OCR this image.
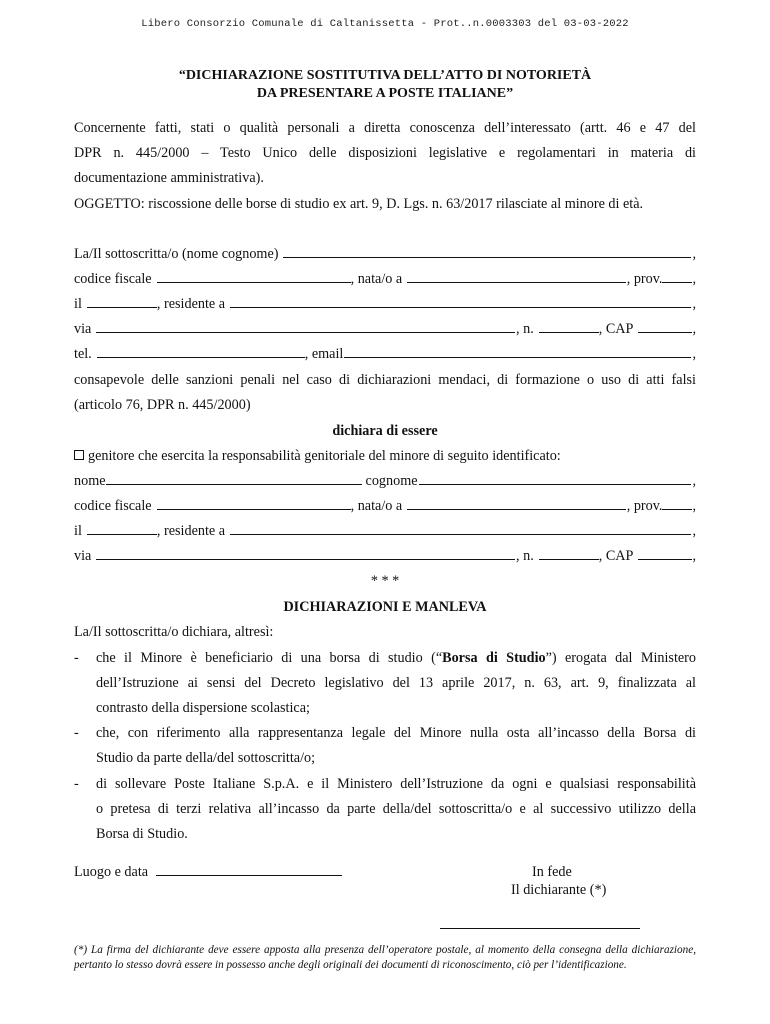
Libero Consorzio Comunale di Caltanissetta - Prot..n.0003303 del 03-03-2022
“DICHIARAZIONE SOSTITUTIVA DELL’ATTO DI NOTORIETÀ
DA PRESENTARE A POSTE ITALIANE”
Concernente fatti, stati o qualità personali a diretta conoscenza dell’interessato (artt. 46 e 47 del
DPR n. 445/2000 – Testo Unico delle disposizioni legislative e regolamentari in materia di
documentazione amministrativa).
OGGETTO: riscossione delle borse di studio ex art. 9, D. Lgs. n. 63/2017 rilasciate al minore di età.
La/Il sottoscritta/o (nome cognome)	,
codice fiscale	, nata/o a	, prov. ,
il	, residente a	,
via	, n.	, CAP	,
tel.	, email	,
consapevole delle sanzioni penali nel caso di dichiarazioni mendaci, di formazione o uso di atti falsi
(articolo 76, DPR n. 445/2000)
dichiara di essere
genitore che esercita la responsabilità genitoriale del minore di seguito identificato:
nome	cognome	,
codice fiscale	, nata/o a	, prov. ,
il	, residente a	,
via	, n.	, CAP	,
* * *
DICHIARAZIONI E MANLEVA
La/Il sottoscritta/o dichiara, altresì:
- che il Minore è beneficiario di una borsa di studio (“Borsa di Studio”) erogata dal Ministero
dell’Istruzione ai sensi del Decreto legislativo del 13 aprile 2017, n. 63, art. 9, finalizzata al
contrasto della dispersione scolastica;
- che, con riferimento alla rappresentanza legale del Minore nulla osta all’incasso della Borsa di
Studio da parte della/del sottoscritta/o;
- di sollevare Poste Italiane S.p.A. e il Ministero dell’Istruzione da ogni e qualsiasi responsabilità
o pretesa di terzi relativa all’incasso da parte della/del sottoscritta/o e al successivo utilizzo della
Borsa di Studio.
Luogo e data	In fede
Il dichiarante (*)
(*) La firma del dichiarante deve essere apposta alla presenza dell’operatore postale, al momento della consegna della dichiarazione, pertanto lo stesso dovrà essere in possesso anche degli originali dei documenti di riconoscimento, ciò per l’identificazione.
